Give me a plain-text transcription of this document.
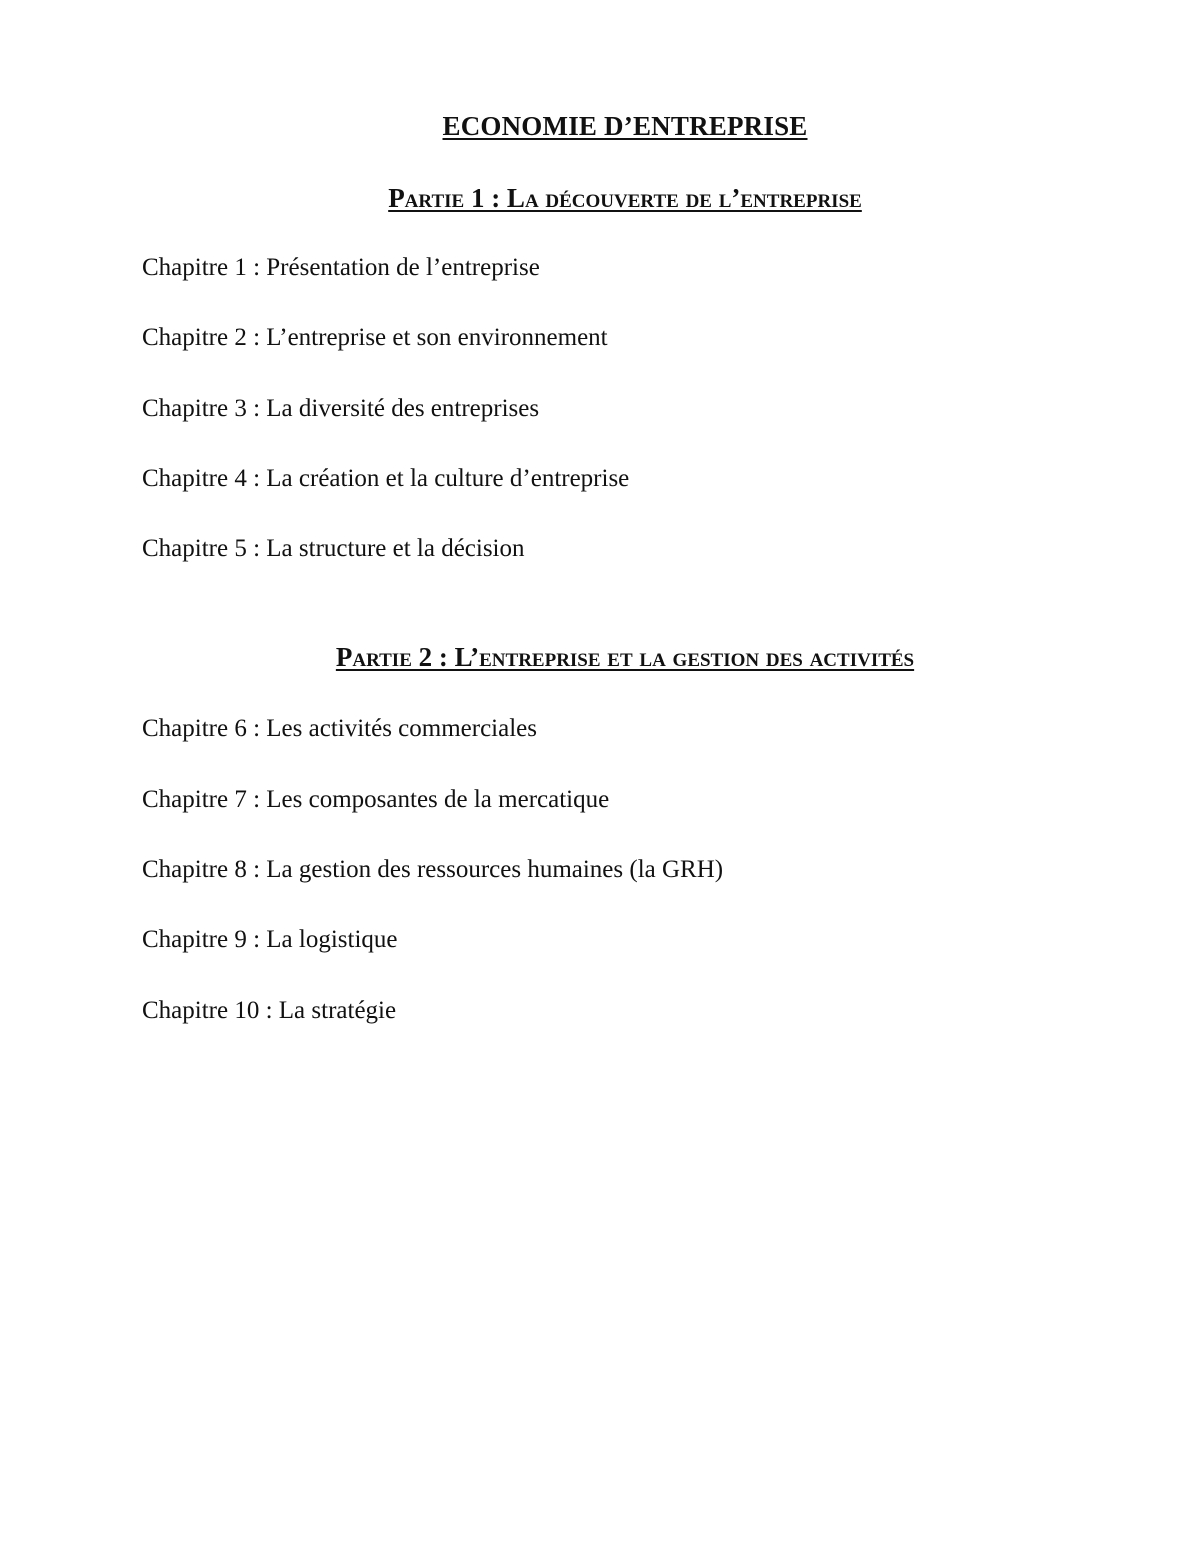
ECONOMIE D’ENTREPRISE
Partie 1 : La découverte de l’entreprise
Chapitre 1 : Présentation de l’entreprise
Chapitre 2 : L’entreprise et son environnement
Chapitre 3 : La diversité des entreprises
Chapitre 4 : La création et la culture d’entreprise
Chapitre 5 : La structure et la décision
Partie 2 : L’entreprise et la gestion des activités
Chapitre 6 : Les activités commerciales
Chapitre 7 : Les composantes de la mercatique
Chapitre 8 : La gestion des ressources humaines (la GRH)
Chapitre 9 : La logistique
Chapitre 10 : La stratégie
